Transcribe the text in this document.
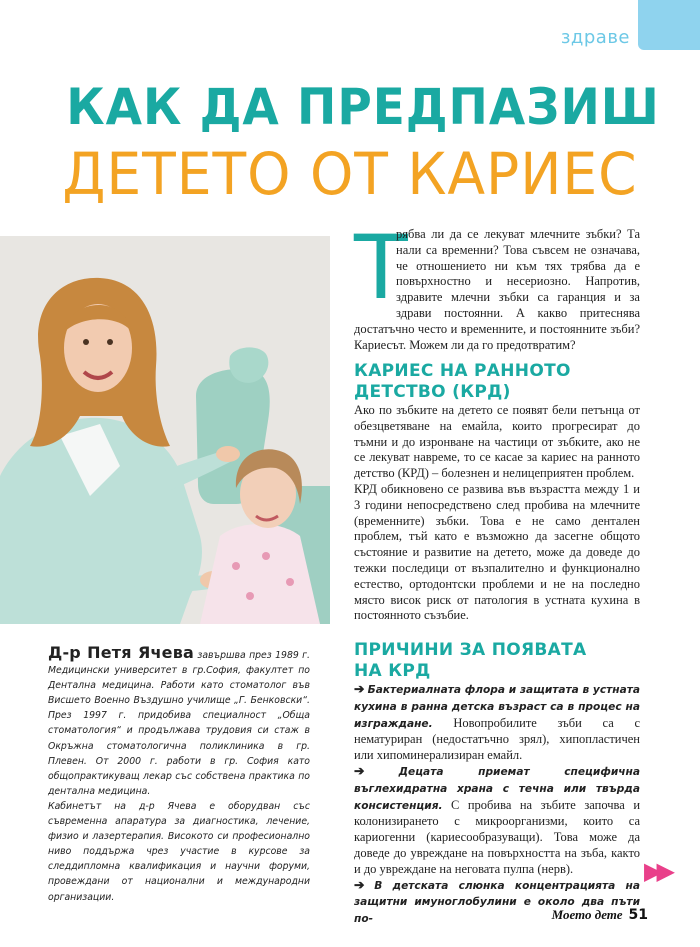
здраве
КАК ДА ПРЕДПАЗИШ
ДЕТЕТО ОТ КАРИЕС

Д-р Петя Ячева завършва през 1989 г. Медицински университет в гр.София, факултет по Дентална медицина. Работи като стоматолог във Висшето Военно Въздушно училище „Г. Бенковски“. През 1997 г. придобива специалност „Обща стоматология“ и продължава трудовия си стаж в Окръжна стоматологична поликлиника в гр. Плевен. От 2000 г. работи в гр. София като общопрактикуващ лекар със собствена практика по дентална медицина.

Кабинетът на д-р Ячева е оборудван със съвременна апаратура за диагностика, лечение, физио и лазертерапия. Високото си професионално ниво поддържа чрез участие в курсове за следдипломна квалификация и научни форуми, провеждани от национални и международни организации.

Т
рябва ли да се лекуват млечните зъбки? Та нали са временни? Това съвсем не означава, че отношението ни към тях трябва да е повърхностно и несериозно. Напротив, здравите млечни зъбки са гаранция и за здрави постоянни. А какво притеснява достатъчно често и временните, и постоянните зъби? Кариесът. Можем ли да го предотвратим?
КАРИЕС НА РАННОТО
ДЕТСТВО (КРД)

Ако по зъбките на детето се появят бели петънца от обезцветяване на емайла, които прогресират до тъмни и до изронване на частици от зъбките, ако не се лекуват навреме, то се касае за кариес на ранното детство (КРД) – болезнен и нелицеприятен проблем.

КРД обикновено се развива във възрастта между 1 и 3 години непосредствено след пробива на млечните (временните) зъбки. Това е не само дентален проблем, тъй като е възможно да засегне общото състояние и развитие на детето, може да доведе до тежки последици от възпалително и функционално естество, ортодонтски проблеми и не на последно място висок риск от патология в устната кухина в постоянното съзъбие.

ПРИЧИНИ ЗА ПОЯВАТА
НА КРД

➔ Бактериалната флора и защитата в устната кухина в ранна детска възраст са в процес на изграждане. Новопробилите зъби са с нематуриран (недостатъчно зрял), хипопластичен или хипоминерализиран емайл.

➔	Децата приемат специфична въглехидратна храна с течна или твърда консистенция. С пробива на зъбите започва и колонизирането с микроорганизми, които са кариогенни (кариесообразуващи). Това може да доведе до увреждане на повърхността на зъба, както и до увреждане на неговата пулпа (нерв).

➔ В детската слюнка концентрацията на защитни имуноглобулини е около два пъти по-

▶▶
Моето дете 51
